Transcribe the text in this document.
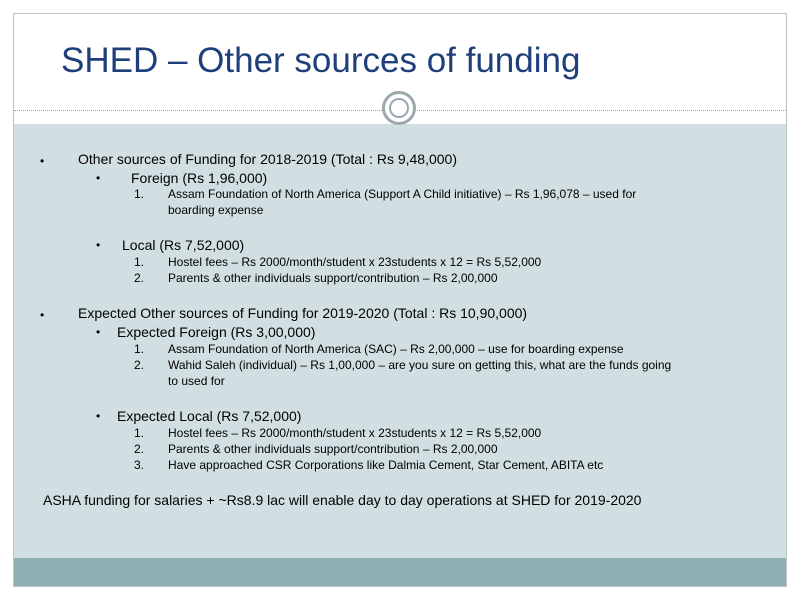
SHED – Other sources of funding
• Other sources of Funding for 2018-2019 (Total : Rs 9,48,000)
• Foreign (Rs 1,96,000)
1. Assam Foundation of North America (Support A Child initiative) – Rs 1,96,078 – used for
boarding expense
• Local (Rs 7,52,000)
1. Hostel fees – Rs 2000/month/student x 23students x 12 = Rs 5,52,000
2. Parents & other individuals support/contribution – Rs 2,00,000
• Expected Other sources of Funding for 2019-2020 (Total : Rs 10,90,000)
• Expected Foreign (Rs 3,00,000)
1. Assam Foundation of North America (SAC) – Rs 2,00,000 – use for boarding expense
2. Wahid Saleh (individual) – Rs 1,00,000 – are you sure on getting this, what are the funds going
to used for
• Expected Local (Rs 7,52,000)
1. Hostel fees – Rs 2000/month/student x 23students x 12 = Rs 5,52,000
2. Parents & other individuals support/contribution – Rs 2,00,000
3. Have approached CSR Corporations like Dalmia Cement, Star Cement, ABITA etc
ASHA funding for salaries + ~Rs8.9 lac will enable day to day operations at SHED for 2019-2020
